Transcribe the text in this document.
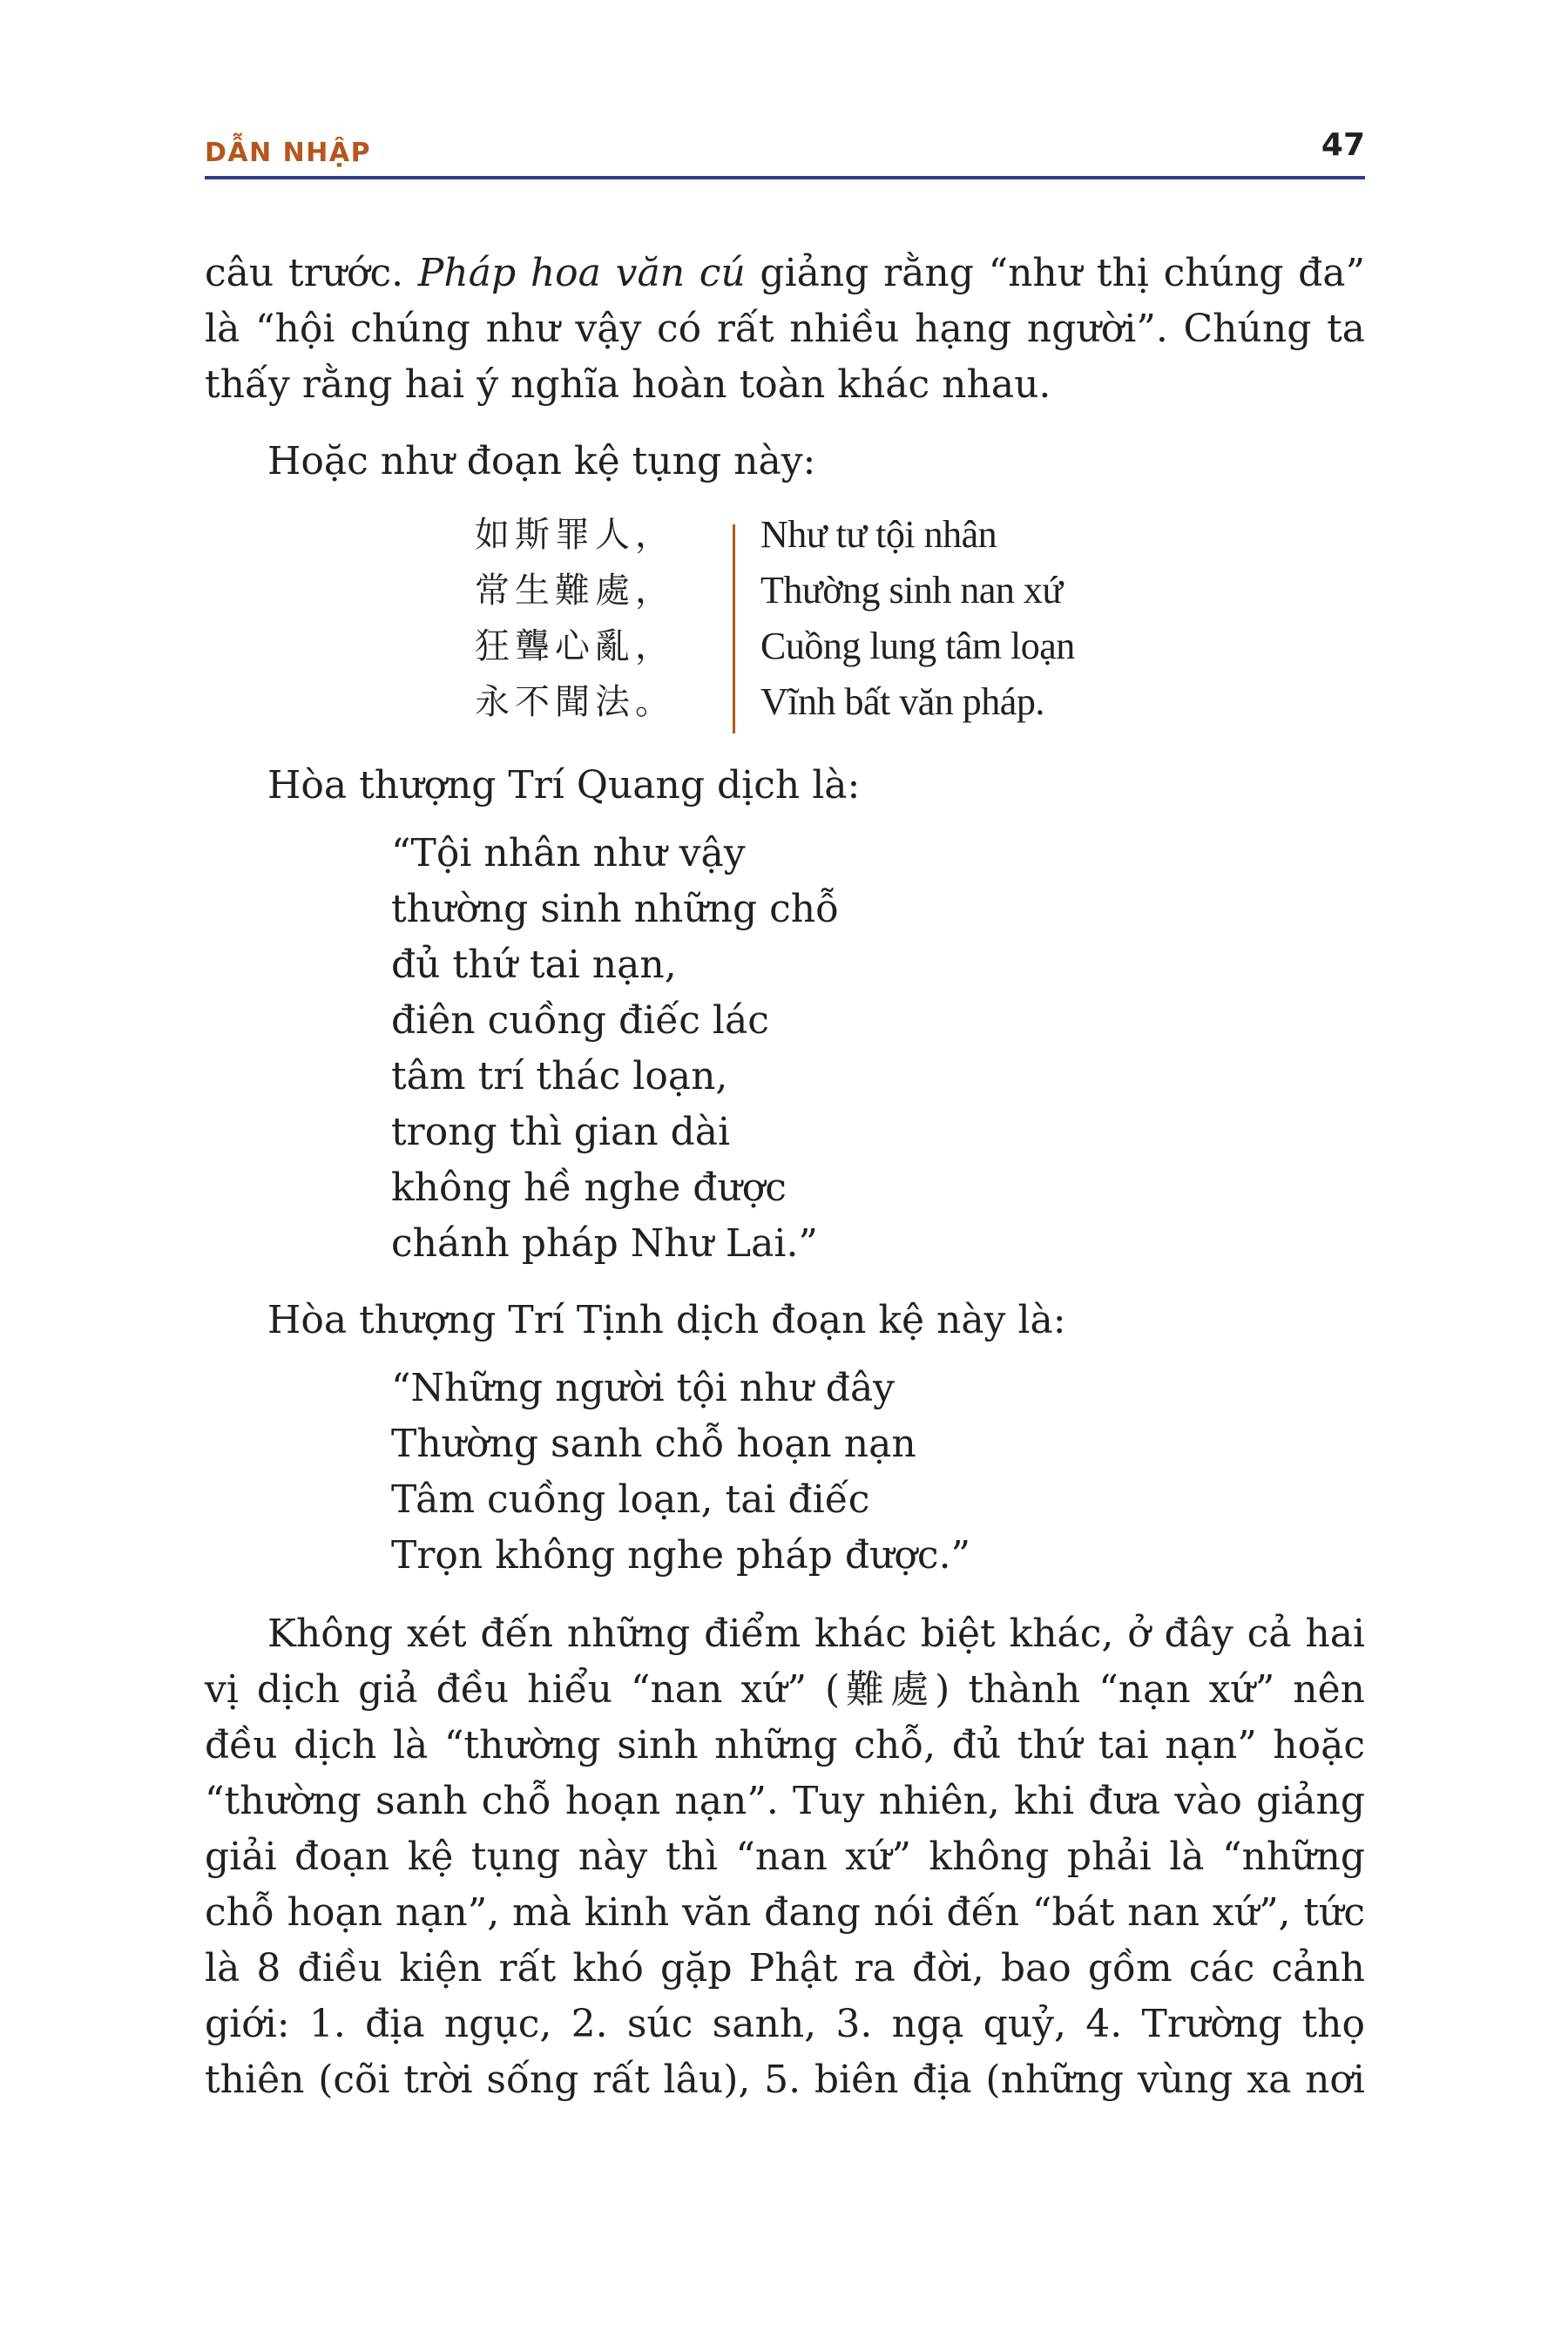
DẪN NHẬP	47

câu trước. Pháp hoa văn cú giảng rằng “như thị chúng đa”
là “hội chúng như vậy có rất nhiều hạng người”. Chúng ta
thấy rằng hai ý nghĩa hoàn toàn khác nhau.

Hoặc như đoạn kệ tụng này:

如斯罪人，
常生難處，
狂聾心亂，
永不聞法。
Như tư tội nhân
Thường sinh nan xứ
Cuồng lung tâm loạn
Vĩnh bất văn pháp.

Hòa thượng Trí Quang dịch là:

“Tội nhân như vậy
thường sinh những chỗ
đủ thứ tai nạn,
điên cuồng điếc lác
tâm trí thác loạn,
trong thì gian dài
không hề nghe được
chánh pháp Như Lai.”

Hòa thượng Trí Tịnh dịch đoạn kệ này là:

“Những người tội như đây
Thường sanh chỗ hoạn nạn
Tâm cuồng loạn, tai điếc
Trọn không nghe pháp được.”

Không xét đến những điểm khác biệt khác, ở đây cả hai
vị dịch giả đều hiểu “nan xứ” (難處) thành “nạn xứ” nên
đều dịch là “thường sinh những chỗ, đủ thứ tai nạn” hoặc
“thường sanh chỗ hoạn nạn”. Tuy nhiên, khi đưa vào giảng
giải đoạn kệ tụng này thì “nan xứ” không phải là “những
chỗ hoạn nạn”, mà kinh văn đang nói đến “bát nan xứ”, tức
là 8 điều kiện rất khó gặp Phật ra đời, bao gồm các cảnh
giới: 1. địa ngục, 2. súc sanh, 3. ngạ quỷ, 4. Trường thọ
thiên (cõi trời sống rất lâu), 5. biên địa (những vùng xa nơi
